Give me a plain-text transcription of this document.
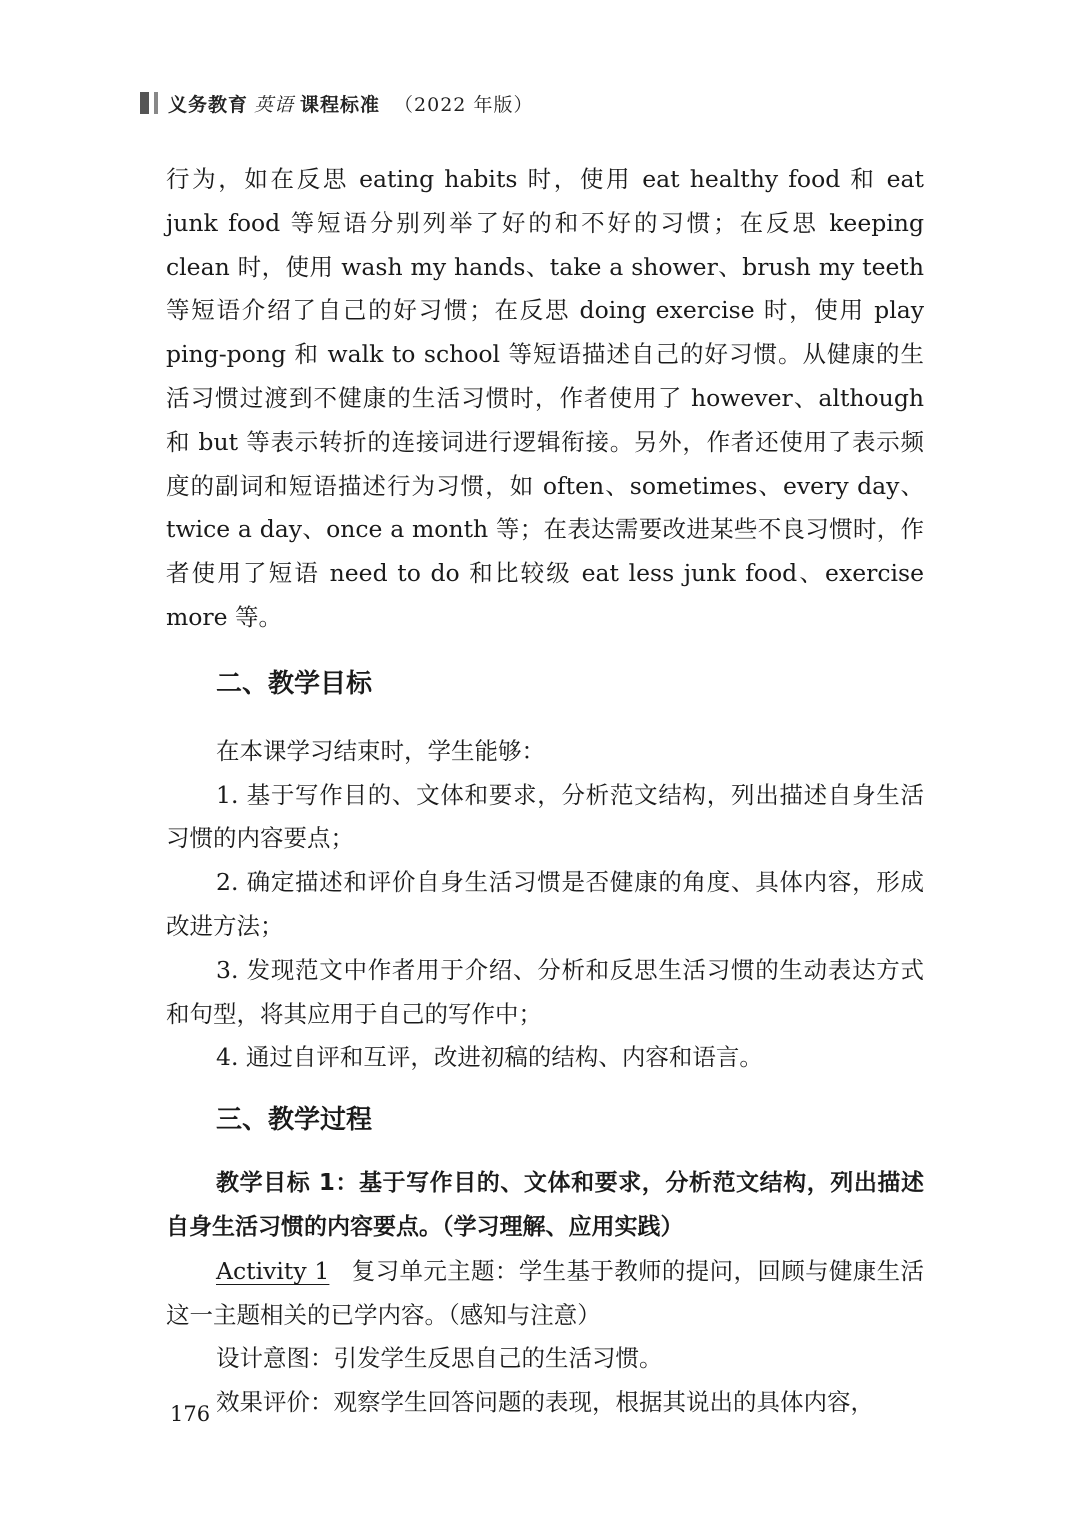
义务教育 英语 课程标准 （2022 年版）

行为，如在反思 eating habits 时，使用 eat healthy food 和 eat junk food 等短语分别列举了好的和不好的习惯；在反思 keeping clean 时，使用 wash my hands、take a shower、brush my teeth 等短语介绍了自己的好习惯；在反思 doing exercise 时，使用 play ping-pong 和 walk to school 等短语描述自己的好习惯。从健康的生活习惯过渡到不健康的生活习惯时，作者使用了 however、although 和 but 等表示转折的连接词进行逻辑衔接。另外，作者还使用了表示频度的副词和短语描述行为习惯，如 often、sometimes、every day、twice a day、once a month 等；在表达需要改进某些不良习惯时，作者使用了短语 need to do 和比较级 eat less junk food、exercise more 等。

二、教学目标

在本课学习结束时，学生能够：

1. 基于写作目的、文体和要求，分析范文结构，列出描述自身生活习惯的内容要点；

2. 确定描述和评价自身生活习惯是否健康的角度、具体内容，形成改进方法；

3. 发现范文中作者用于介绍、分析和反思生活习惯的生动表达方式和句型，将其应用于自己的写作中；

4. 通过自评和互评，改进初稿的结构、内容和语言。

三、教学过程

教学目标 1：基于写作目的、文体和要求，分析范文结构，列出描述自身生活习惯的内容要点。（学习理解、应用实践）

Activity 1 复习单元主题：学生基于教师的提问，回顾与健康生活这一主题相关的已学内容。（感知与注意）

设计意图：引发学生反思自己的生活习惯。

效果评价：观察学生回答问题的表现，根据其说出的具体内容，

176
